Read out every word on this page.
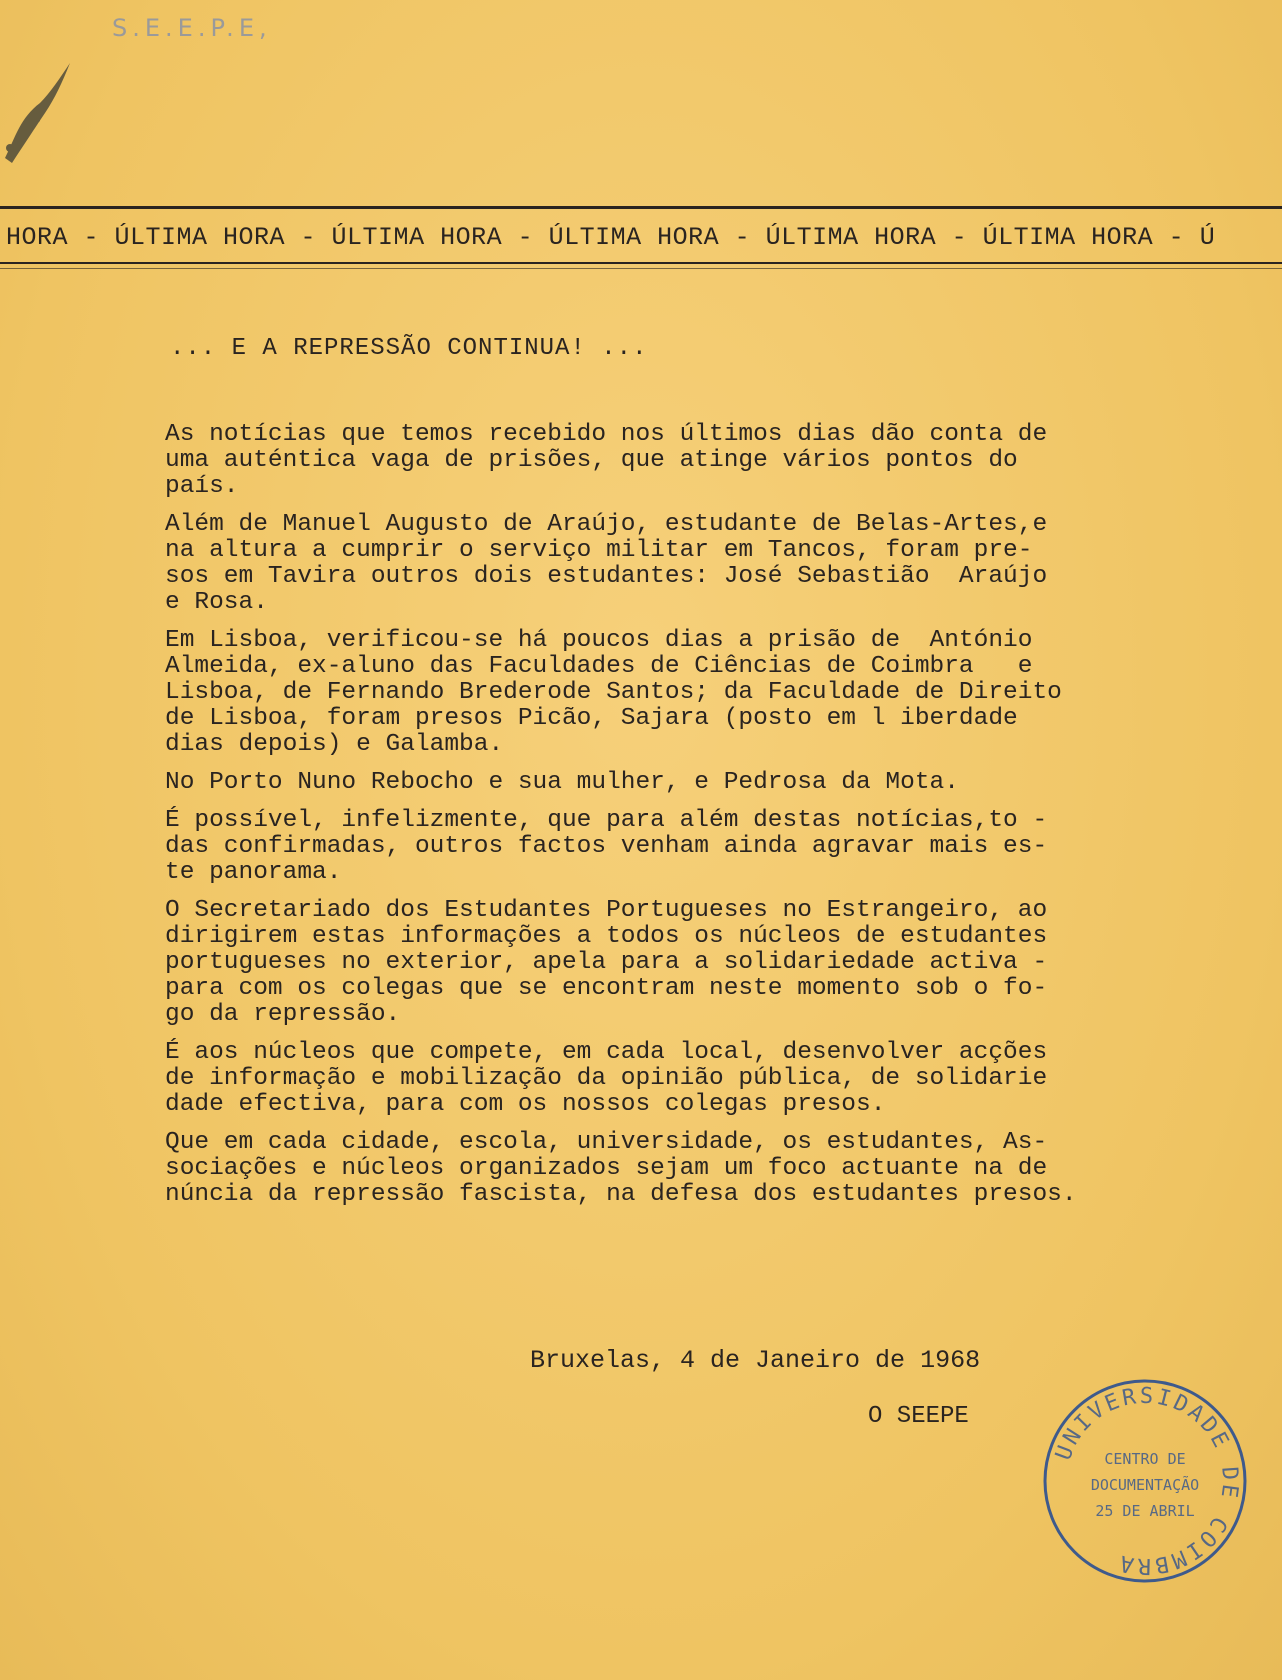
S.E.E.P.E,
HORA - ÚLTIMA HORA - ÚLTIMA HORA - ÚLTIMA HORA - ÚLTIMA HORA - ÚLTIMA HORA - Ú
... E A REPRESSÃO CONTINUA! ...
As notícias que temos recebido nos últimos dias dão conta de
uma auténtica vaga de prisões, que atinge vários pontos do
país.
Além de Manuel Augusto de Araújo, estudante de Belas-Artes,e
na altura a cumprir o serviço militar em Tancos, foram pre-
sos em Tavira outros dois estudantes: José Sebastião  Araújo
e Rosa.
Em Lisboa, verificou-se há poucos dias a prisão de  António
Almeida, ex-aluno das Faculdades de Ciências de Coimbra   e
Lisboa, de Fernando Brederode Santos; da Faculdade de Direito
de Lisboa, foram presos Picão, Sajara (posto em l iberdade
dias depois) e Galamba.
No Porto Nuno Rebocho e sua mulher, e Pedrosa da Mota.
É possível, infelizmente, que para além destas notícias,to -
das confirmadas, outros factos venham ainda agravar mais es-
te panorama.
O Secretariado dos Estudantes Portugueses no Estrangeiro, ao
dirigirem estas informações a todos os núcleos de estudantes
portugueses no exterior, apela para a solidariedade activa -
para com os colegas que se encontram neste momento sob o fo-
go da repressão.
É aos núcleos que compete, em cada local, desenvolver acções
de informação e mobilização da opinião pública, de solidarie
dade efectiva, para com os nossos colegas presos.
Que em cada cidade, escola, universidade, os estudantes, As-
sociações e núcleos organizados sejam um foco actuante na de
núncia da repressão fascista, na defesa dos estudantes presos.
Bruxelas, 4 de Janeiro de 1968
O SEEPE
UNIVERSIDADE DE COIMBRA
CENTRO DE
DOCUMENTAÇÃO
25 DE ABRIL
